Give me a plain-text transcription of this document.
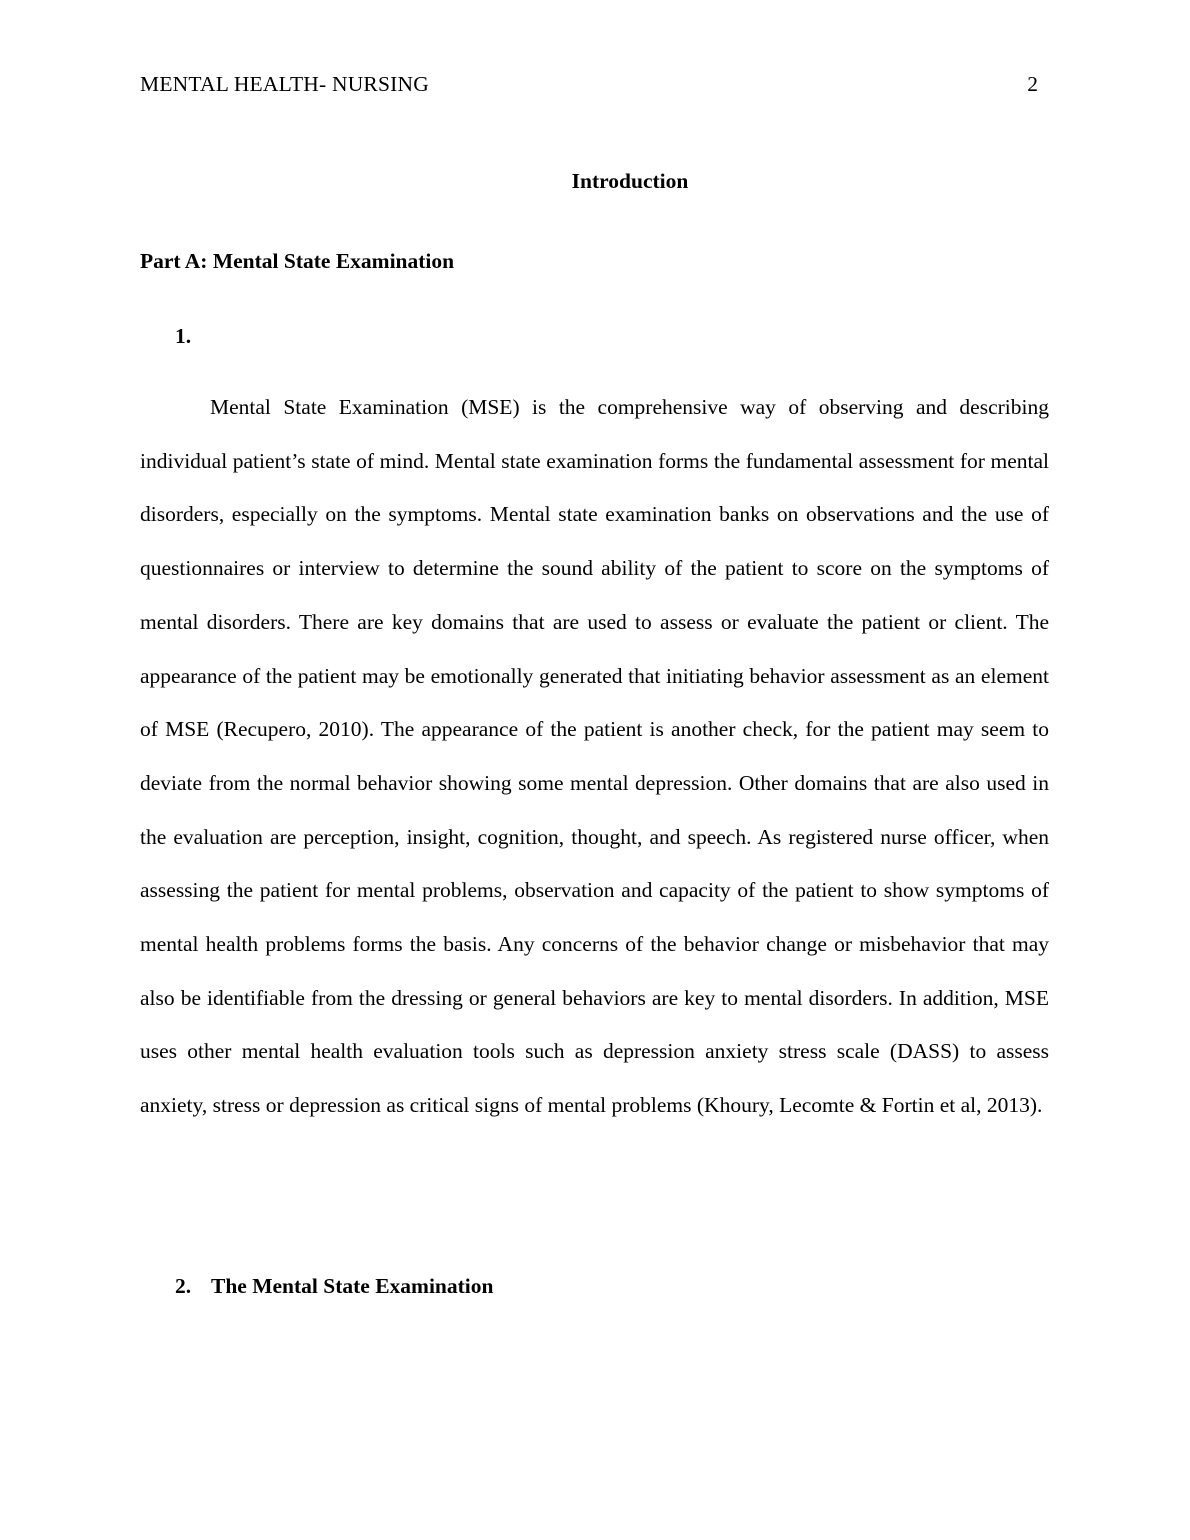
MENTAL HEALTH- NURSING	2
Introduction
Part A: Mental State Examination
1.

Mental State Examination (MSE) is the comprehensive way of observing and describing individual patient’s state of mind. Mental state examination forms the fundamental assessment for mental disorders, especially on the symptoms. Mental state examination banks on observations and the use of questionnaires or interview to determine the sound ability of the patient to score on the symptoms of mental disorders. There are key domains that are used to assess or evaluate the patient or client. The appearance of the patient may be emotionally generated that initiating behavior assessment as an element of MSE (Recupero, 2010). The appearance of the patient is another check, for the patient may seem to deviate from the normal behavior showing some mental depression. Other domains that are also used in the evaluation are perception, insight, cognition, thought, and speech. As registered nurse officer, when assessing the patient for mental problems, observation and capacity of the patient to show symptoms of mental health problems forms the basis. Any concerns of the behavior change or misbehavior that may also be identifiable from the dressing or general behaviors are key to mental disorders. In addition, MSE uses other mental health evaluation tools such as depression anxiety stress scale (DASS) to assess anxiety, stress or depression as critical signs of mental problems (Khoury, Lecomte & Fortin et al, 2013).

2. The Mental State Examination
